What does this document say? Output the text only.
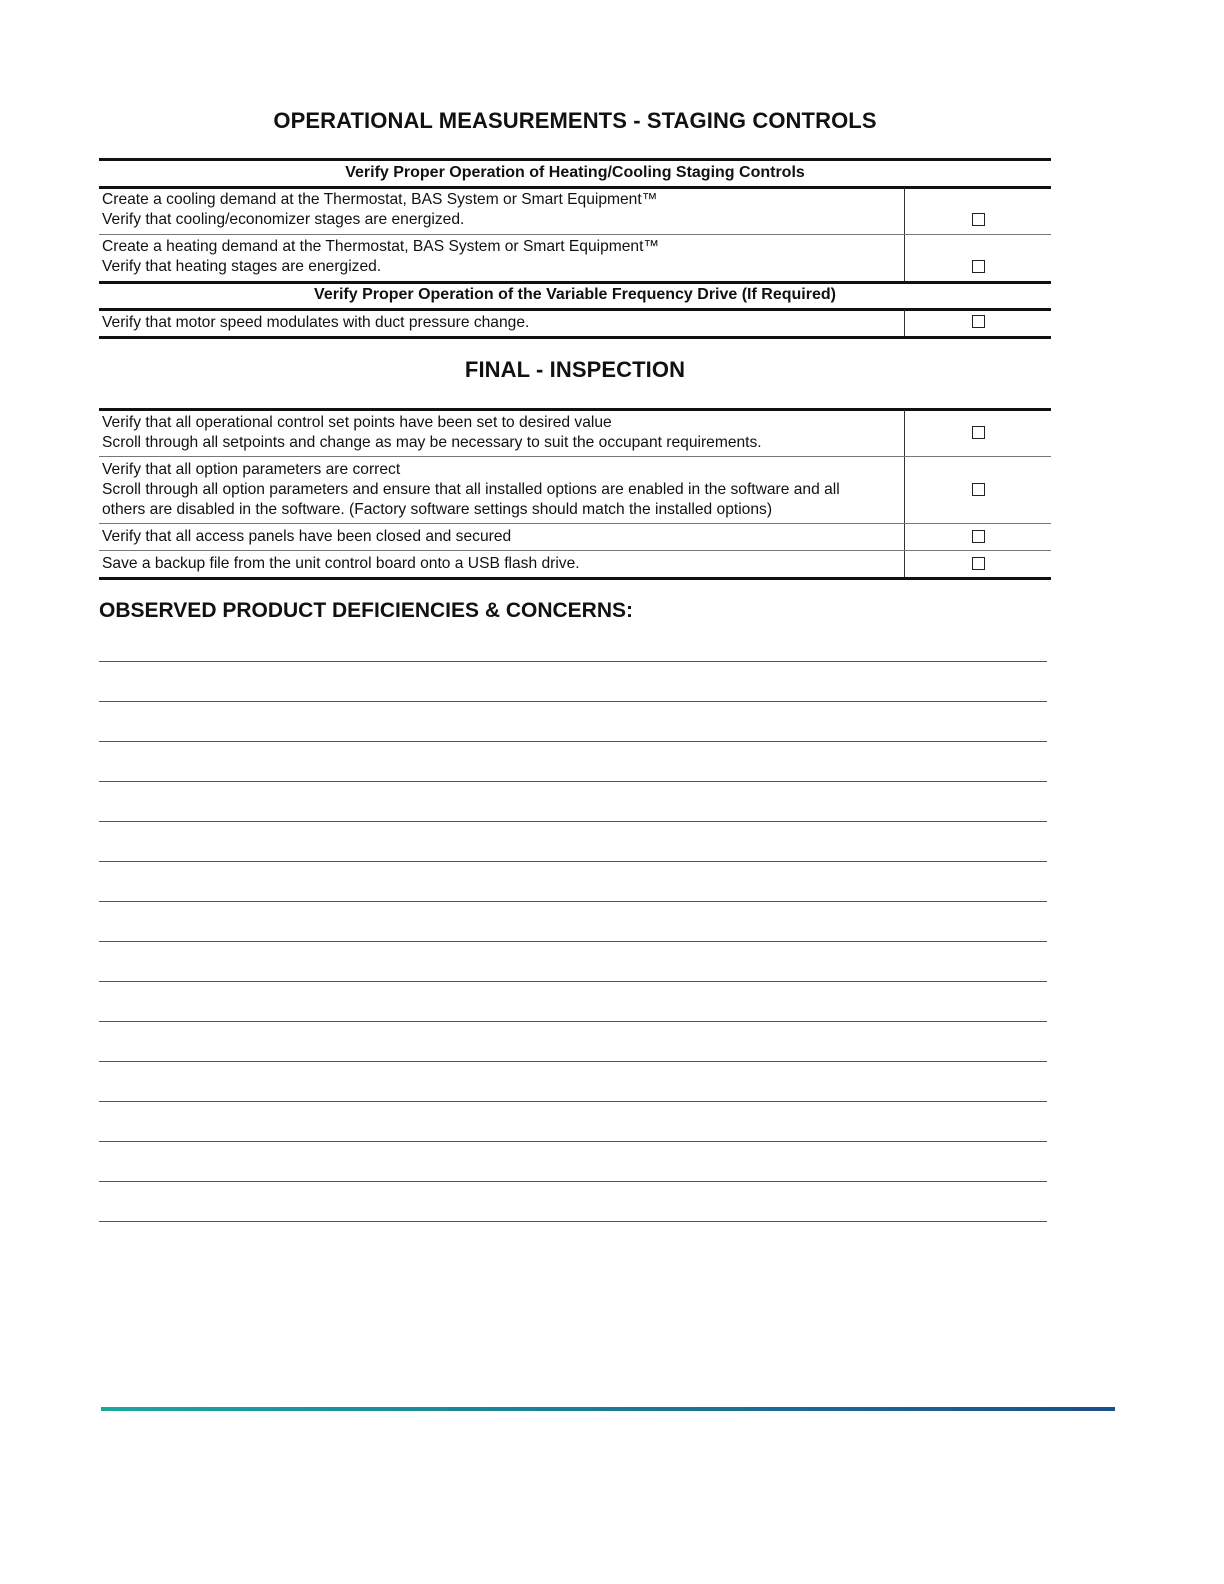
OPERATIONAL MEASUREMENTS - STAGING CONTROLS
Verify Proper Operation of Heating/Cooling Staging Controls
Create a cooling demand at the Thermostat, BAS System or Smart Equipment™
Verify that cooling/economizer stages are energized.
Create a heating demand at the Thermostat, BAS System or Smart Equipment™
Verify that heating stages are energized.
Verify Proper Operation of the Variable Frequency Drive (If Required)
Verify that motor speed modulates with duct pressure change.
FINAL - INSPECTION
Verify that all operational control set points have been set to desired value
Scroll through all setpoints and change as may be necessary to suit the occupant requirements.
Verify that all option parameters are correct
Scroll through all option parameters and ensure that all installed options are enabled in the software and all
others are disabled in the software. (Factory software settings should match the installed options)
Verify that all access panels have been closed and secured
Save a backup file from the unit control board onto a USB flash drive.
OBSERVED PRODUCT DEFICIENCIES & CONCERNS:
